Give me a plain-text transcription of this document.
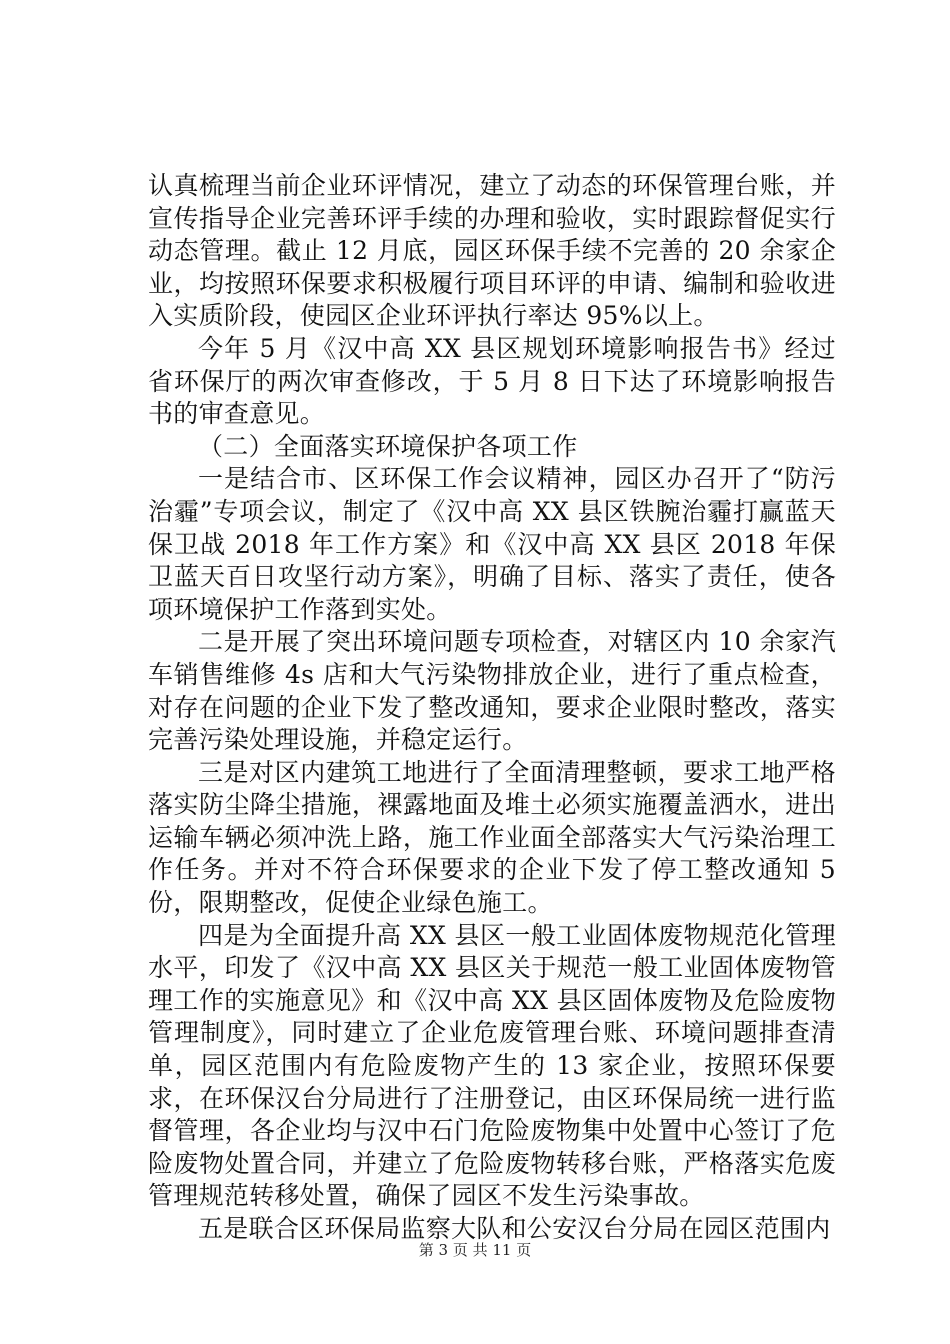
认真梳理当前企业环评情况，建立了动态的环保管理台账，并宣传指导企业完善环评手续的办理和验收，实时跟踪督促实行动态管理。截止 12 月底，园区环保手续不完善的 20 余家企业，均按照环保要求积极履行项目环评的申请、编制和验收进入实质阶段，使园区企业环评执行率达 95%以上。

今年 5 月《汉中高 XX 县区规划环境影响报告书》经过省环保厅的两次审查修改，于 5 月 8 日下达了环境影响报告书的审查意见。

（二）全面落实环境保护各项工作

一是结合市、区环保工作会议精神，园区办召开了“防污治霾”专项会议，制定了《汉中高 XX 县区铁腕治霾打赢蓝天保卫战 2018 年工作方案》和《汉中高 XX 县区 2018 年保卫蓝天百日攻坚行动方案》，明确了目标、落实了责任，使各项环境保护工作落到实处。

二是开展了突出环境问题专项检查，对辖区内 10 余家汽车销售维修 4s 店和大气污染物排放企业，进行了重点检查，对存在问题的企业下发了整改通知，要求企业限时整改，落实完善污染处理设施，并稳定运行。

三是对区内建筑工地进行了全面清理整顿，要求工地严格落实防尘降尘措施，裸露地面及堆土必须实施覆盖洒水，进出运输车辆必须冲洗上路，施工作业面全部落实大气污染治理工作任务。并对不符合环保要求的企业下发了停工整改通知 5 份，限期整改，促使企业绿色施工。

四是为全面提升高 XX 县区一般工业固体废物规范化管理水平，印发了《汉中高 XX 县区关于规范一般工业固体废物管理工作的实施意见》和《汉中高 XX 县区固体废物及危险废物管理制度》，同时建立了企业危废管理台账、环境问题排查清单，园区范围内有危险废物产生的 13 家企业，按照环保要求，在环保汉台分局进行了注册登记，由区环保局统一进行监督管理，各企业均与汉中石门危险废物集中处置中心签订了危险废物处置合同，并建立了危险废物转移台账，严格落实危废管理规范转移处置，确保了园区不发生污染事故。

五是联合区环保局监察大队和公安汉台分局在园区范围内

第 3 页 共 11 页
